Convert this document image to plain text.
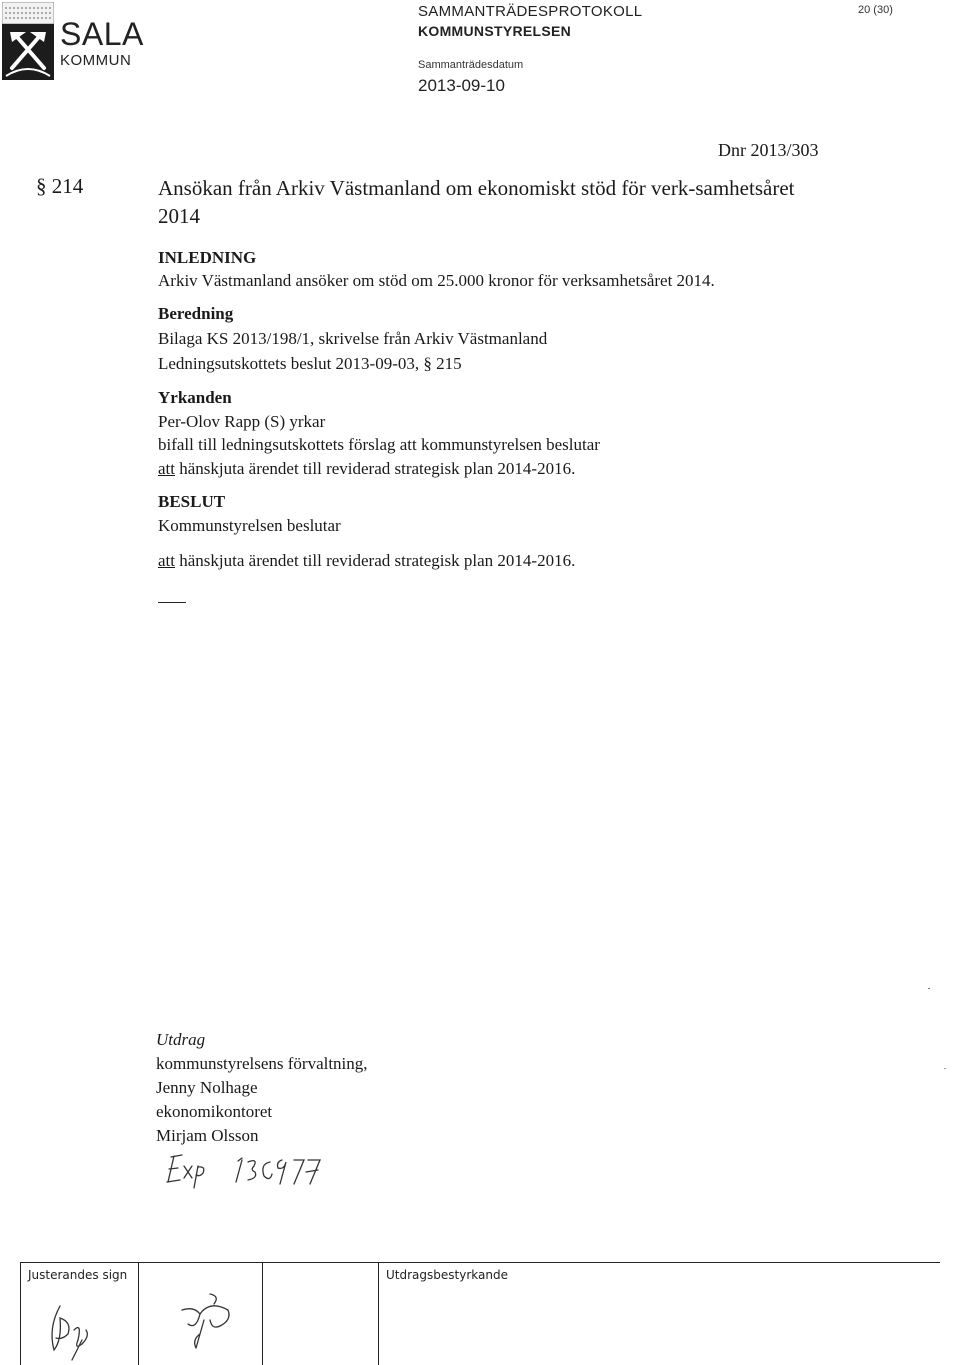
SALA
KOMMUN
SAMMANTRÄDESPROTOKOLL
KOMMUNSTYRELSEN
Sammanträdesdatum
2013-09-10
20 (30)
Dnr 2013/303
§ 214	Ansökan från Arkiv Västmanland om ekonomiskt stöd för verk-samhetsåret 2014
INLEDNING
Arkiv Västmanland ansöker om stöd om 25.000 kronor för verksamhetsåret 2014.
Beredning
Bilaga KS 2013/198/1, skrivelse från Arkiv Västmanland
Ledningsutskottets beslut 2013-09-03, § 215
Yrkanden
Per-Olov Rapp (S) yrkar
bifall till ledningsutskottets förslag att kommunstyrelsen beslutar
att hänskjuta ärendet till reviderad strategisk plan 2014-2016.
BESLUT
Kommunstyrelsen beslutar
att hänskjuta ärendet till reviderad strategisk plan 2014-2016.
Utdrag
kommunstyrelsens förvaltning,
Jenny Nolhage
ekonomikontoret
Mirjam Olsson
Justerandes sign	Utdragsbestyrkande
